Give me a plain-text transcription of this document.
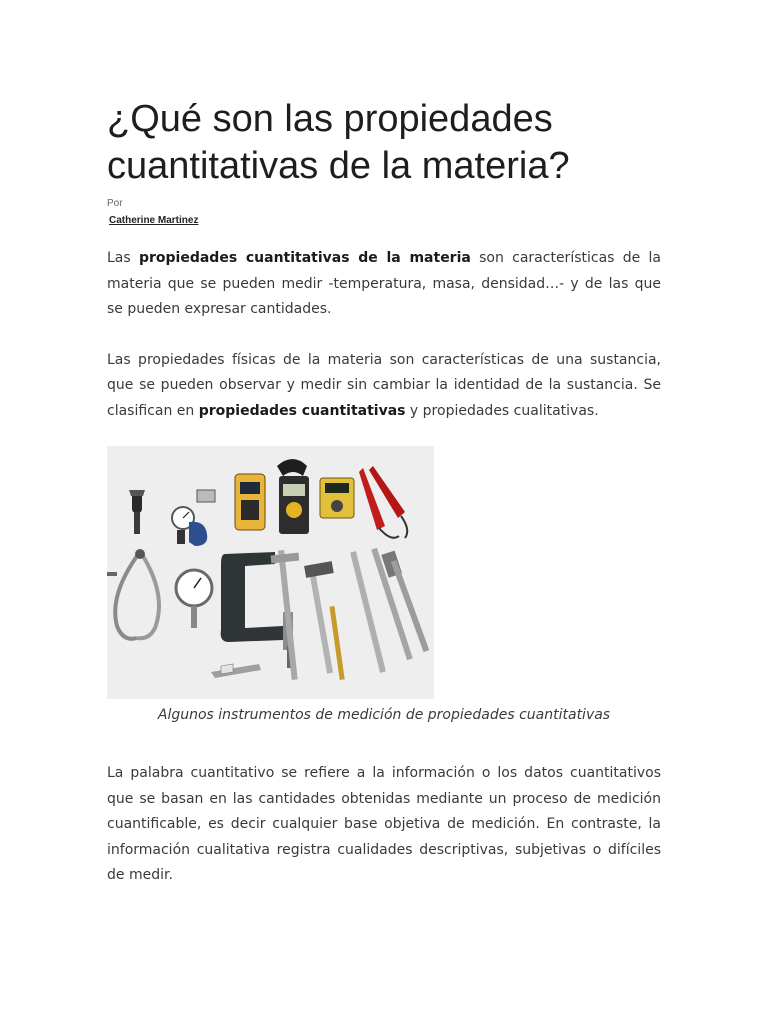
¿Qué son las propiedades cuantitativas de la materia?
Por
Catherine Martinez

Las propiedades cuantitativas de la materia son características de la materia que se pueden medir -temperatura, masa, densidad…- y de las que se pueden expresar cantidades.

Las propiedades físicas de la materia son características de una sustancia, que se pueden observar y medir sin cambiar la identidad de la sustancia. Se clasifican en propiedades cuantitativas y propiedades cualitativas.

Algunos instrumentos de medición de propiedades cuantitativas

La palabra cuantitativo se refiere a la información o los datos cuantitativos que se basan en las cantidades obtenidas mediante un proceso de medición cuantificable, es decir cualquier base objetiva de medición. En contraste, la información cualitativa registra cualidades descriptivas, subjetivas o difíciles de medir.
